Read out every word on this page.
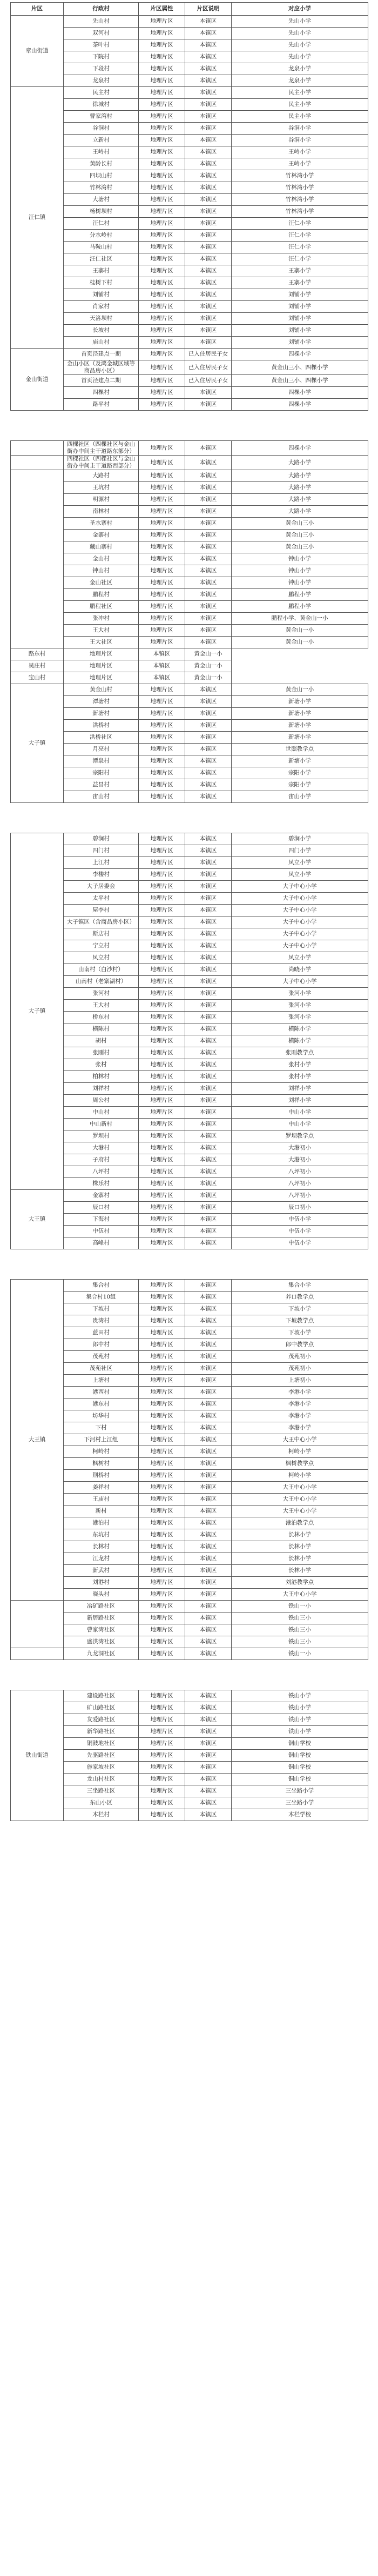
片区	行政村	片区属性	片区说明	对应小学
章山街道	先山村	地理片区	本镇区	先山小学
	双河村	地理片区	本镇区	先山小学
	茶叶村	地理片区	本镇区	先山小学
	下院村	地理片区	本镇区	先山小学
	下段村	地理片区	本镇区	龙泉小学
	龙泉村	地理片区	本镇区	龙泉小学
汪仁镇	民主村	地理片区	本镇区	民主小学
	徐城村	地理片区	本镇区	民主小学
	曹家湾村	地理片区	本镇区	民主小学
	谷洞村	地理片区	本镇区	谷洞小学
	立新村	地理片区	本镇区	谷洞小学
	王岭村	地理片区	本镇区	王岭小学
	黄龄长村	地理片区	本镇区	王岭小学
	四坝山村	地理片区	本镇区	竹林湾小学
	竹林湾村	地理片区	本镇区	竹林湾小学
	大塘村	地理片区	本镇区	竹林湾小学
	杨树坝村	地理片区	本镇区	竹林湾小学
	汪仁村	地理片区	本镇区	汪仁小学
	分水岭村	地理片区	本镇区	汪仁小学
	马鞍山村	地理片区	本镇区	汪仁小学
	汪仁社区	地理片区	本镇区	汪仁小学
	王寨村	地理片区	本镇区	王寨小学
	桂树下村	地理片区	本镇区	王寨小学
	刘铺村	地理片区	本镇区	刘铺小学
	肖家村	地理片区	本镇区	刘铺小学
	天洛坝村	地理片区	本镇区	刘铺小学
	长坡村	地理片区	本镇区	刘铺小学
	庙山村	地理片区	本镇区	刘铺小学
金山街道	首页泾建点一期	地理片区	已入住居民子女	四棵小学
	金山小区（及鸿金城区域等商品房小区）	地理片区	已入住居民子女	黄金山三小、四棵小学
	首页泾建点二期	地理片区	已入住居民子女	黄金山三小、四棵小学
	四棵村	地理片区	本镇区	四棵小学
	路平村	地理片区	本镇区	四棵小学

	四棵社区（四棵社区与金山街办中间主干道路东部分）	地理片区	本镇区	四棵小学
	四棵社区（四棵社区与金山街办中间主干道路西部分）	地理片区	本镇区	大路小学
	大路村	地理片区	本镇区	大路小学
	王坑村	地理片区	本镇区	大路小学
	明源村	地理片区	本镇区	大路小学
	南林村	地理片区	本镇区	大路小学
	圣水寨村	地理片区	本镇区	黄金山三小
	金寨村	地理片区	本镇区	黄金山三小
	藏山寨村	地理片区	本镇区	黄金山三小
	金山村	地理片区	本镇区	钟山小学
	钟山村	地理片区	本镇区	钟山小学
	金山社区	地理片区	本镇区	钟山小学
	鹏程村	地理片区	本镇区	鹏程小学
	鹏程社区	地理片区	本镇区	鹏程小学
	张冲村	地理片区	本镇区	鹏程小学、黄金山一小
	王大村	地理片区	本镇区	黄金山一小
	王大社区	地理片区	本镇区	黄金山一小
路东村	地理片区	本镇区	黄金山一小	
吴庄村	地理片区	本镇区	黄金山一小	
宝山村	地理片区	本镇区	黄金山一小	
大子镇	黄金山村	地理片区	本镇区	黄金山一小
	潭塘村	地理片区	本镇区	新塘小学
	新塘村	地理片区	本镇区	新塘小学
	洪桥村	地理片区	本镇区	新塘小学
	洪桥社区	地理片区	本镇区	新塘小学
	月亮村	地理片区	本镇区	世照教学点
	潭泉村	地理片区	本镇区	新塘小学
	宗阳村	地理片区	本镇区	宗阳小学
	益昌村	地理片区	本镇区	宗阳小学
	宙山村	地理片区	本镇区	宙山小学

大子镇	碧涧村	地理片区	本镇区	碧涧小学
	四门村	地理片区	本镇区	四门小学
	上江村	地理片区	本镇区	凤立小学
	李楼村	地理片区	本镇区	凤立小学
	大子居委会	地理片区	本镇区	大子中心小学
	太平村	地理片区	本镇区	大子中心小学
	屋李村	地理片区	本镇区	大子中心小学
	大子镇区（含商品房小区）	地理片区	本镇区	大子中心小学
	斯店村	地理片区	本镇区	大子中心小学
	宁立村	地理片区	本镇区	大子中心小学
	凤立村	地理片区	本镇区	凤立小学
	山南村（白沙村）	地理片区	本镇区	尚晓小学
	山南村（老寨湖村）	地理片区	本镇区	大子中心小学
	张河村	地理片区	本镇区	张河小学
	王大村	地理片区	本镇区	张河小学
	桥东村	地理片区	本镇区	张河小学
	横陈村	地理片区	本镇区	横陈小学
	胡村	地理片区	本镇区	横陈小学
	张刚村	地理片区	本镇区	张刚教学点
	张村	地理片区	本镇区	张村小学
	柏林村	地理片区	本镇区	张村小学
	刘祥村	地理片区	本镇区	刘祥小学
	周公村	地理片区	本镇区	刘祥小学
	中山村	地理片区	本镇区	中山小学
	中山新村	地理片区	本镇区	中山小学
	罗坝村	地理片区	本镇区	罗坝教学点
	大港村	地理片区	本镇区	大港初小
	子府村	地理片区	本镇区	大港初小
	八坪村	地理片区	本镇区	八坪初小
	株乐村	地理片区	本镇区	八坪初小
大王镇	金寨村	地理片区	本镇区	八坪初小
	辰口村	地理片区	本镇区	辰口初小
	下海村	地理片区	本镇区	中伍小学
	中伍村	地理片区	本镇区	中伍小学
	高峰村	地理片区	本镇区	中伍小学

大王镇	集合村	地理片区	本镇区	集合小学
	集合村10组	地理片区	本镇区	养口教学点
	下坡村	地理片区	本镇区	下坡小学
	贵湾村	地理片区	本镇区	下坡教学点
	蓝田村	地理片区	本镇区	下坡小学
	郎中村	地理片区	本镇区	郎中教学点
	茂苑村	地理片区	本镇区	茂苑初小
	茂苑社区	地理片区	本镇区	茂苑初小
	上塘村	地理片区	本镇区	上塘初小
	港西村	地理片区	本镇区	李港小学
	港东村	地理片区	本镇区	李港小学
	坊华村	地理片区	本镇区	李港小学
	下村	地理片区	本镇区	李港小学
	下河村上江组	地理片区	本镇区	大王中心小学
	柯岭村	地理片区	本镇区	柯岭小学
	枫树村	地理片区	本镇区	枫树教学点
	荆桥村	地理片区	本镇区	柯岭小学
	姜祥村	地理片区	本镇区	大王中心小学
	王庙村	地理片区	本镇区	大王中心小学
	新村	地理片区	本镇区	大王中心小学
	港泊村	地理片区	本镇区	港泊教学点
	东坑村	地理片区	本镇区	长林小学
	长林村	地理片区	本镇区	长林小学
	江龙村	地理片区	本镇区	长林小学
	新武村	地理片区	本镇区	长林小学
	刘港村	地理片区	本镇区	刘港教学点
	晓头村	地理片区	本镇区	大王中心小学
	冶矿路社区	地理片区	本镇区	铁山一小
	新居路社区	地理片区	本镇区	铁山三小
	曹家湾社区	地理片区	本镇区	铁山三小
	盛洪湾社区	地理片区	本镇区	铁山三小
	九龙洞社区	地理片区	本镇区	铁山一小

铁山街道	建设路社区	地理片区	本镇区	铁山小学
	矿山路社区	地理片区	本镇区	铁山小学
	友爱路社区	地理片区	本镇区	铁山小学
	新华路社区	地理片区	本镇区	铁山小学
	铜鼓地社区	地理片区	本镇区	铜山学校
	先驱路社区	地理片区	本镇区	铜山学校
	施家坡社区	地理片区	本镇区	铜山学校
	龙山村社区	地理片区	本镇区	铜山学校
	三坐路社区	地理片区	本镇区	三坐路小学
	东山小区	地理片区	本镇区	三坐路小学
	木栏村	地理片区	本镇区	木栏学校
